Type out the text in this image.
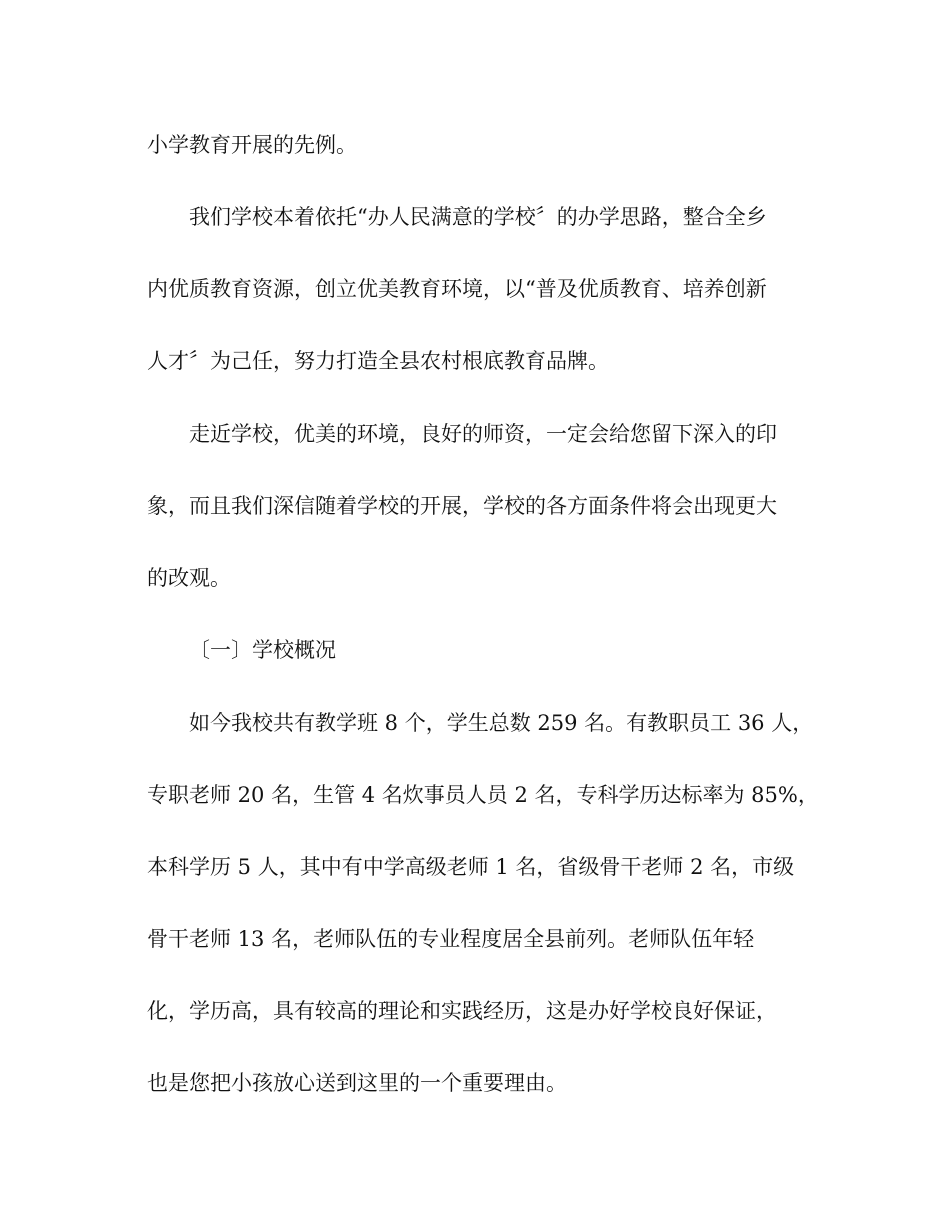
小学教育开展的先例。

我们学校本着依托“办人民满意的学校〞的办学思路，整合全乡

内优质教育资源，创立优美教育环境，以“普及优质教育、培养创新

人才〞为己任，努力打造全县农村根底教育品牌。

走近学校，优美的环境，良好的师资，一定会给您留下深入的印

象，而且我们深信随着学校的开展，学校的各方面条件将会出现更大

的改观。

〔一〕学校概况

如今我校共有教学班 8 个，学生总数 259 名。有教职员工 36 人，

专职老师 20 名，生管 4 名炊事员人员 2 名，专科学历达标率为 85%，

本科学历 5 人，其中有中学高级老师 1 名，省级骨干老师 2 名，市级

骨干老师 13 名，老师队伍的专业程度居全县前列。老师队伍年轻

化，学历高，具有较高的理论和实践经历，这是办好学校良好保证，

也是您把小孩放心送到这里的一个重要理由。
